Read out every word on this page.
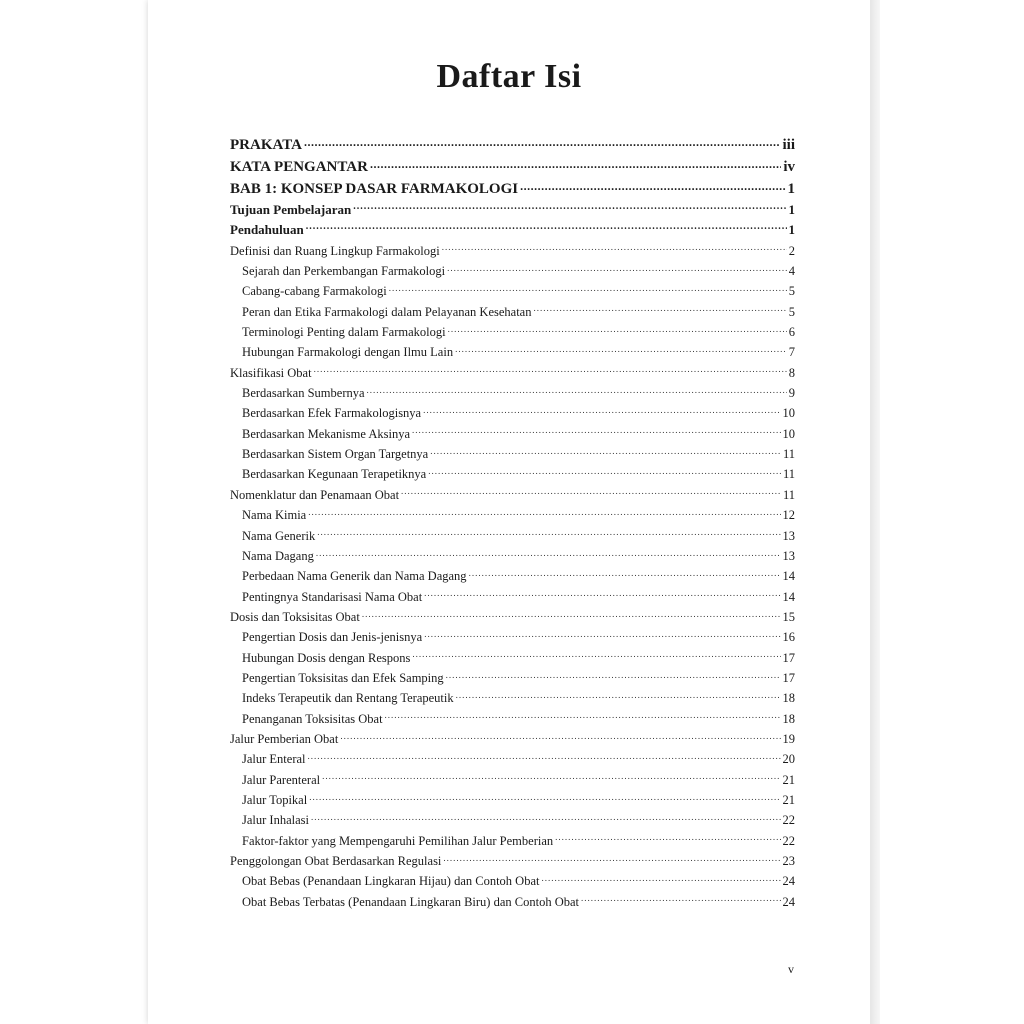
Daftar Isi
PRAKATA .....	iii
KATA PENGANTAR .....	iv
BAB 1: KONSEP DASAR FARMAKOLOGI .....	1
Tujuan Pembelajaran .....	1
Pendahuluan .....	1
Definisi dan Ruang Lingkup Farmakologi .....	2
Sejarah dan Perkembangan Farmakologi .....	4
Cabang-cabang Farmakologi .....	5
Peran dan Etika Farmakologi dalam Pelayanan Kesehatan .....	5
Terminologi Penting dalam Farmakologi .....	6
Hubungan Farmakologi dengan Ilmu Lain .....	7
Klasifikasi Obat .....	8
Berdasarkan Sumbernya .....	9
Berdasarkan Efek Farmakologisnya .....	10
Berdasarkan Mekanisme Aksinya .....	10
Berdasarkan Sistem Organ Targetnya .....	11
Berdasarkan Kegunaan Terapetiknya .....	11
Nomenklatur dan Penamaan Obat .....	11
Nama Kimia .....	12
Nama Generik .....	13
Nama Dagang .....	13
Perbedaan Nama Generik dan Nama Dagang .....	14
Pentingnya Standarisasi Nama Obat .....	14
Dosis dan Toksisitas Obat .....	15
Pengertian Dosis dan Jenis-jenisnya .....	16
Hubungan Dosis dengan Respons .....	17
Pengertian Toksisitas dan Efek Samping .....	17
Indeks Terapeutik dan Rentang Terapeutik .....	18
Penanganan Toksisitas Obat .....	18
Jalur Pemberian Obat .....	19
Jalur Enteral .....	20
Jalur Parenteral .....	21
Jalur Topikal .....	21
Jalur Inhalasi .....	22
Faktor-faktor yang Mempengaruhi Pemilihan Jalur Pemberian .....	22
Penggolongan Obat Berdasarkan Regulasi .....	23
Obat Bebas (Penandaan Lingkaran Hijau) dan Contoh Obat .....	24
Obat Bebas Terbatas (Penandaan Lingkaran Biru) dan Contoh Obat .....	24
v
